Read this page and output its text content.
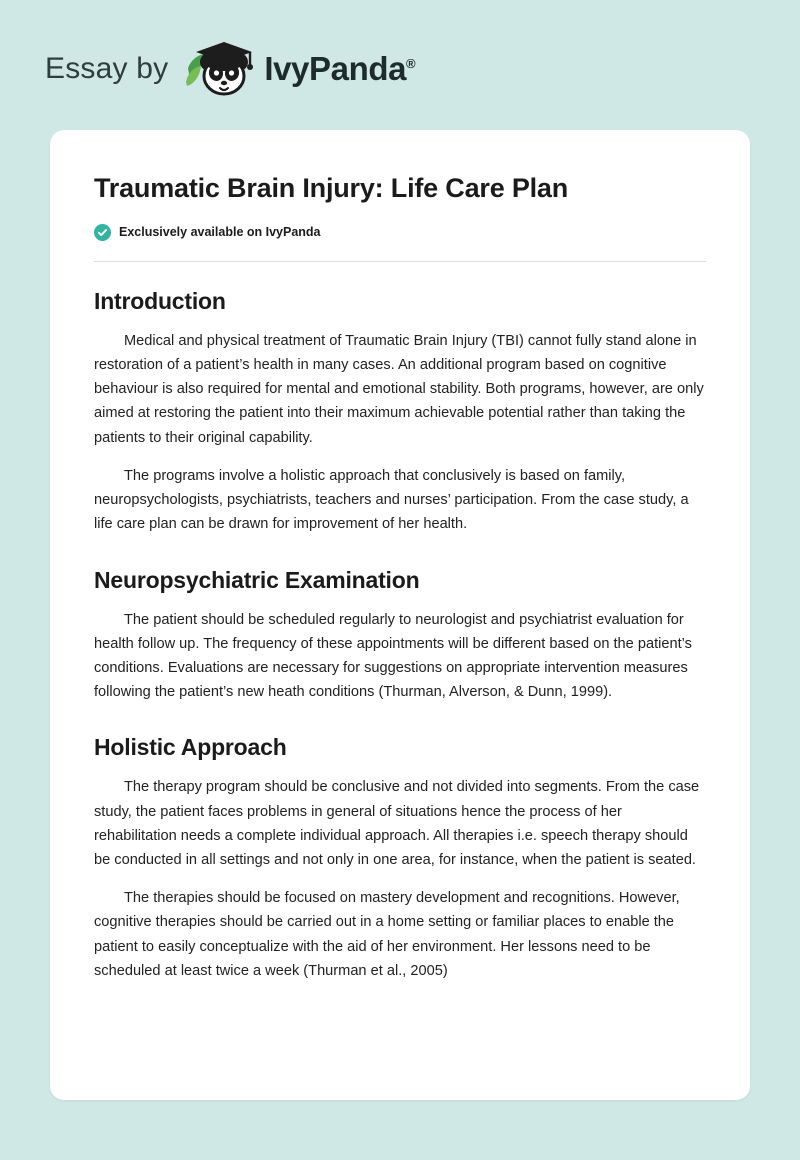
Essay by	IvyPanda®
Traumatic Brain Injury: Life Care Plan
Exclusively available on IvyPanda
Introduction

Medical and physical treatment of Traumatic Brain Injury (TBI) cannot fully stand alone in restoration of a patient’s health in many cases. An additional program based on cognitive behaviour is also required for mental and emotional stability. Both programs, however, are only aimed at restoring the patient into their maximum achievable potential rather than taking the patients to their original capability.

The programs involve a holistic approach that conclusively is based on family, neuropsychologists, psychiatrists, teachers and nurses’ participation. From the case study, a life care plan can be drawn for improvement of her health.

Neuropsychiatric Examination

The patient should be scheduled regularly to neurologist and psychiatrist evaluation for health follow up. The frequency of these appointments will be different based on the patient’s conditions. Evaluations are necessary for suggestions on appropriate intervention measures following the patient’s new heath conditions (Thurman, Alverson, & Dunn, 1999).

Holistic Approach

The therapy program should be conclusive and not divided into segments. From the case study, the patient faces problems in general of situations hence the process of her rehabilitation needs a complete individual approach. All therapies i.e. speech therapy should be conducted in all settings and not only in one area, for instance, when the patient is seated.

The therapies should be focused on mastery development and recognitions. However, cognitive therapies should be carried out in a home setting or familiar places to enable the patient to easily conceptualize with the aid of her environment. Her lessons need to be scheduled at least twice a week (Thurman et al., 2005)
